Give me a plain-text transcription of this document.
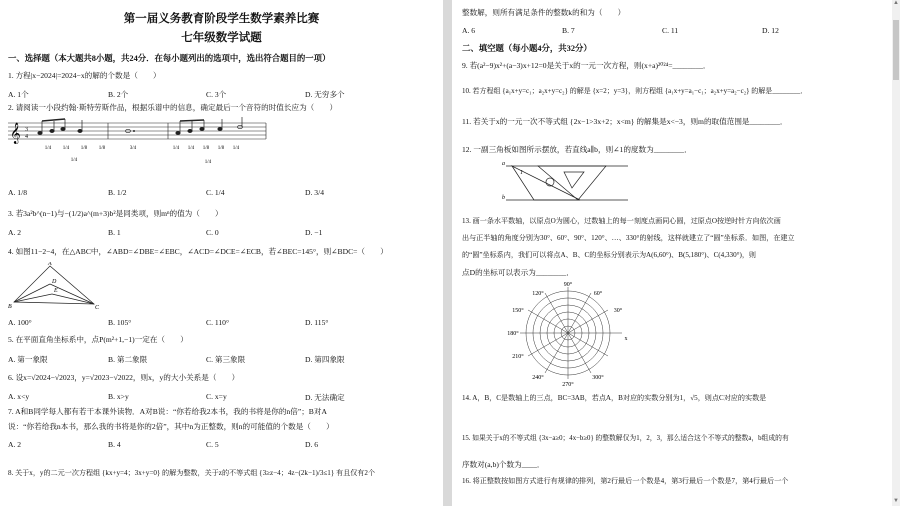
第一届义务教育阶段学生数学素养比赛
七年级数学试题
一、选择题（本大题共8小题，共24分．在每小题列出的选项中，选出符合题目的一项）
1. 方程|x−2024|=2024−x的解的个数是（　　）
A. 1个	B. 2个	C. 3个	D. 无穷多个
2. 请阅读一小段约翰·斯特劳斯作品，根据乐谱中的信息，确定最后一个音符的时值长应为（　　）
𝄞 3
4
1/4 1/4 1/8 1/8
1/4
3/4	1/4 1/4 1/8 1/8 1/4
1/4
A. 1/8	B. 1/2	C. 1/4	D. 3/4
3. 若3a²b^(n−1)与−(1/2)a^(m+3)b²是同类项，则mⁿ的值为（　　）
A. 2	B. 1	C. 0	D. −1
4. 如图11−2−4，在△ABC中，∠ABD=∠DBE=∠EBC，∠ACD=∠DCE=∠ECB，若∠BEC=145°，则∠BDC=（　　）
A
D
E
B	C
A. 100°	B. 105°	C. 110°	D. 115°
5. 在平面直角坐标系中，点P(m²+1,−1)一定在（　　）
A. 第一象限	B. 第二象限	C. 第三象限	D. 第四象限
6. 设x=√2024−√2023，y=√2023−√2022，则x，y的大小关系是（　　）
A. x<y	B. x>y	C. x=y	D. 无法确定
7. A和B同学每人都有若干本课外读物．A对B说：“你若给我2本书，我的书将是你的n倍”；B对A
说：“你若给我n本书，那么我的书将是你的2倍”，其中n为正整数，则n的可能值的个数是（　　）
A. 2	B. 4	C. 5	D. 6
8. 关于x，y的二元一次方程组 {kx+y=4；3x+y=0} 的解为整数，关于z的不等式组 {3≥z−4；4z−(2k−1)/3≤1} 有且仅有2个
整数解，则所有满足条件的整数k的和为（　　）
A. 6	B. 7	C. 11	D. 12
二、填空题（每小题4分，共32分）
9. 若(a²−9)x²+(a−3)x+12=0是关于x的一元一次方程，则(x+a)²⁰²⁴=________．
10. 若方程组 {a₁x+y=c₁；a₂x+y=c₂} 的解是 {x=2；y=3}，则方程组 {a₁x+y=a₁−c₁；a₂x+y=a₂−c₂} 的解是________．
11. 若关于x的一元一次不等式组 {2x−1>3x+2；x<m} 的解集是x<−3，则m的取值范围是________．
12. 一副三角板如图所示摆放，若直线a∥b，则∠1的度数为________．
a
b
1
13. 画一条水平数轴，以原点O为圆心，过数轴上的每一刻度点画同心圆，过原点O按逆时针方向依次画
出与正半轴的角度分别为30°、60°、90°、120°、…、330°的射线，这样就建立了“圆”坐标系．如图，在建立
的“圆”坐标系内，我们可以将点A、B、C的坐标分别表示为A(6,60°)、B(5,180°)、C(4,330°)，则
点D的坐标可以表示为________．
90°
60°
120°
150°	30°
180°
210°
240°
270°
300°
x
14. A，B，C是数轴上的三点，BC=3AB，若点A，B对应的实数分别为1，√5，则点C对应的实数是
15. 如果关于x的不等式组 {3x−a≥0；4x−b≥0} 的整数解仅为1，2，3，那么适合这个不等式的整数a，b组成的有
序数对(a,b)个数为____．
16. 将正整数按如图方式进行有规律的排列，第2行最后一个数是4，第3行最后一个数是7，第4行最后一个
▲
▼
